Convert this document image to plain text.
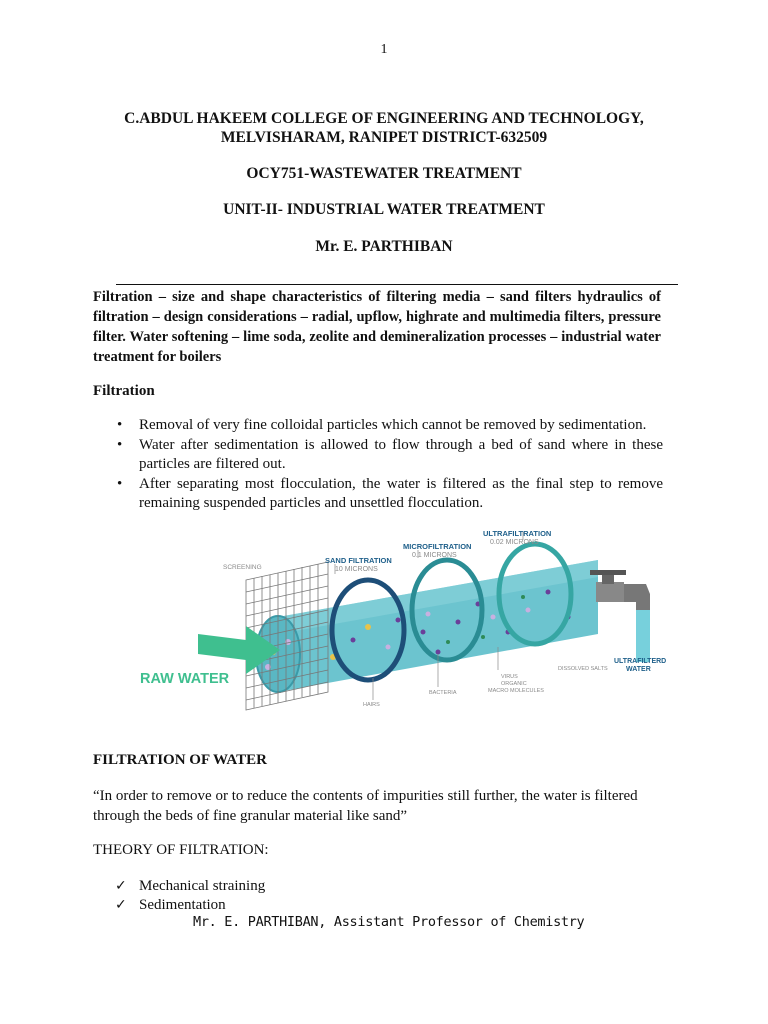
1
C.ABDUL HAKEEM COLLEGE OF ENGINEERING AND TECHNOLOGY,
MELVISHARAM, RANIPET DISTRICT-632509
OCY751-WASTEWATER TREATMENT
UNIT-II- INDUSTRIAL WATER TREATMENT
Mr. E. PARTHIBAN
Filtration – size and shape characteristics of filtering media – sand filters hydraulics of filtration – design considerations – radial, upflow, highrate and multimedia filters, pressure filter. Water softening – lime soda, zeolite and demineralization processes – industrial water treatment for boilers
Filtration
• Removal of very fine colloidal particles which cannot be removed by sedimentation.
• Water after sedimentation is allowed to flow through a bed of sand where in these particles are filtered out.
• After separating most flocculation, the water is filtered as the final step to remove remaining suspended particles and unsettled flocculation.
SCREENING
SAND FILTRATION
10 MICRONS
MICROFILTRATION
0.1 MICRONS
ULTRAFILTRATION
0.02 MICRONS
RAW WATER
ULTRAFILTERD
WATER
HAIRS
BACTERIA
VIRUS
ORGANIC
MACRO MOLECULES
DISSOLVED SALTS
FILTRATION OF WATER
“In order to remove or to reduce the contents of impurities still further, the water is filtered through the beds of fine granular material like sand”
THEORY OF FILTRATION:
✓ Mechanical straining
✓ Sedimentation
Mr. E. PARTHIBAN, Assistant Professor of Chemistry
